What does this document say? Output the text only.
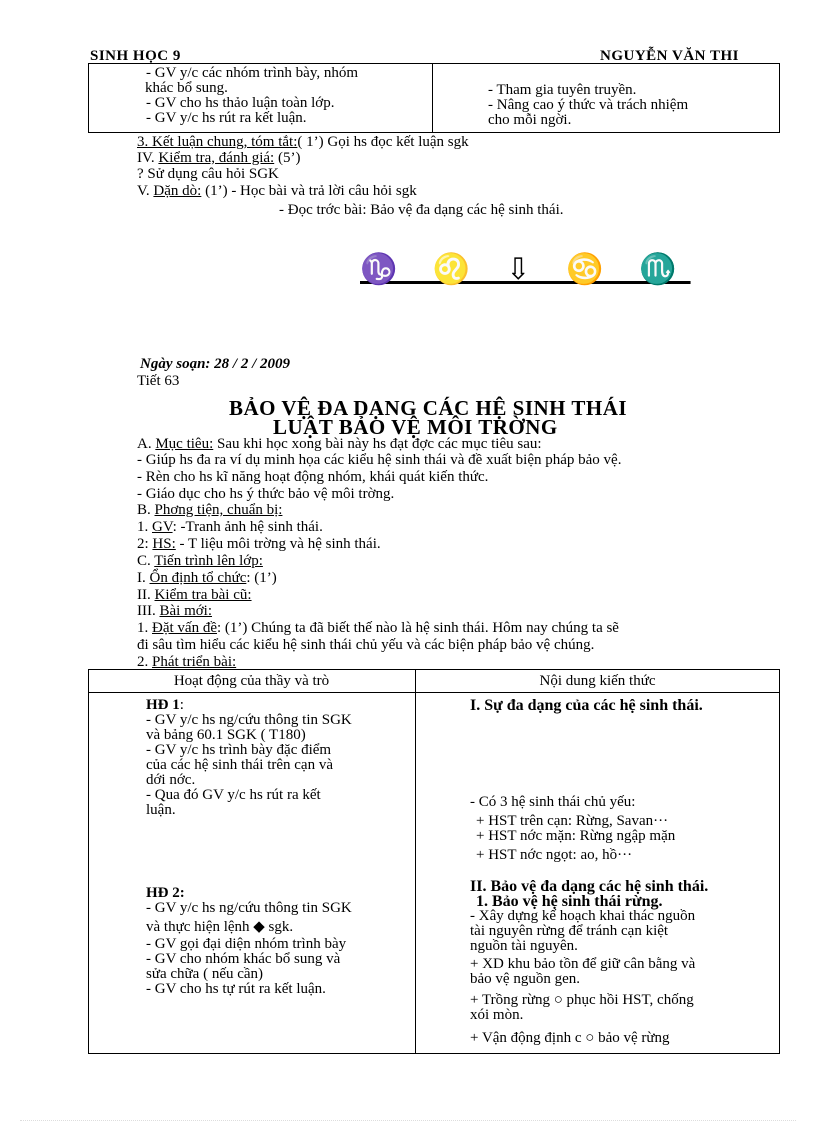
SINH HỌC 9	NGUYỄN VĂN THI
- GV y/c các nhóm trình bày, nhóm
khác bổ sung.
- GV cho hs thảo luận toàn lớp.
- GV y/c hs rút ra kết luận.
- Tham gia tuyên truyền.
- Nâng cao ý thức và trách nhiệm
cho mỗi ngời.
3. Kết luận chung, tóm tắt:( 1’) Gọi hs đọc kết luận sgk
IV. Kiểm tra, đánh giá: (5’)
? Sử dụng câu hỏi SGK
V. Dặn dò: (1’) - Học bài và trả lời câu hỏi sgk
- Đọc trớc bài: Bảo vệ đa dạng các hệ sinh thái.
♑ ♌ ⇩ ♋ ♏
Ngày soạn: 28 / 2 / 2009
Tiết 63
BẢO VỆ ĐA DẠNG CÁC HỆ SINH THÁI
LUẬT BẢO VỆ MÔI TRỜNG
A. Mục tiêu: Sau khi học xong bài này hs đạt đợc các mục tiêu sau:
- Giúp hs đa ra ví dụ minh họa các kiểu hệ sinh thái và đề xuất biện pháp bảo vệ.
- Rèn cho hs kĩ năng hoạt động nhóm, khái quát kiến thức.
- Giáo dục cho hs ý thức bảo vệ môi trờng.
B. Phơng tiện, chuẩn bị:
1. GV: -Tranh ảnh hệ sinh thái.
2: HS: - T liệu môi trờng và hệ sinh thái.
C. Tiến trình lên lớp:
I. Ổn định tổ chức: (1’)
II. Kiểm tra bài cũ:
III. Bài mới:
1. Đặt vấn đề: (1’) Chúng ta đã biết thế nào là hệ sinh thái. Hôm nay chúng ta sẽ
đi sâu tìm hiểu các kiểu hệ sinh thái chủ yếu và các biện pháp bảo vệ chúng.
2. Phát triển bài:
Hoạt động của thầy và trò	Nội dung kiến thức
HĐ 1:
- GV y/c hs ng/cứu thông tin SGK
và bảng 60.1 SGK ( T180)
- GV y/c hs trình bày đặc điểm
của các hệ sinh thái trên cạn và
dới nớc.
- Qua đó GV y/c hs rút ra kết
luận.
I. Sự đa dạng của các hệ sinh thái.
- Có 3 hệ sinh thái chủ yếu:
+ HST trên cạn: Rừng, Savan···
+ HST nớc mặn: Rừng ngập mặn
+ HST nớc ngọt: ao, hồ···
HĐ 2:
- GV y/c hs ng/cứu thông tin SGK
và thực hiện lệnh ◆ sgk.
- GV gọi đại diện nhóm trình bày
- GV cho nhóm khác bổ sung và
sửa chữa ( nếu cần)
- GV cho hs tự rút ra kết luận.
II. Bảo vệ đa dạng các hệ sinh thái.
1. Bảo vệ hệ sinh thái rừng.
- Xây dựng kế hoạch khai thác nguồn
tài nguyên rừng để tránh cạn kiệt
nguồn tài nguyên.
+ XD khu bảo tồn để giữ cân bằng và
bảo vệ nguồn gen.
+ Trồng rừng ○ phục hồi HST, chống
xói mòn.
+ Vận động định c ○ bảo vệ rừng
